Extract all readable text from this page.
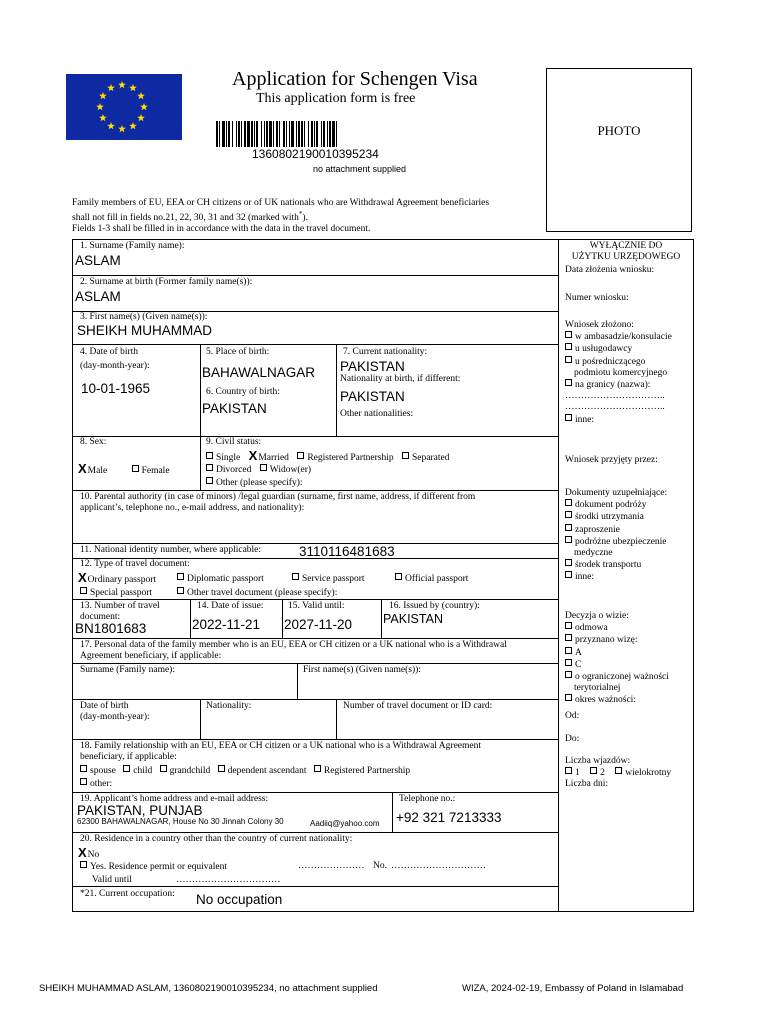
Application for Schengen Visa
This application form is free
1360802190010395234
no attachment supplied
PHOTO
Family members of EU, EEA or CH citizens or of UK nationals who are Withdrawal Agreement beneficiaries
shall not fill in fields no.21, 22, 30, 31 and 32 (marked with*).
Fields 1-3 shall be filled in in accordance with the data in the travel document.
1. Surname (Family name):
ASLAM
2. Surname at birth (Former family name(s)):
ASLAM
3. First name(s) (Given name(s)):
SHEIKH MUHAMMAD
4. Date of birth
(day-month-year):
10-01-1965
5. Place of birth:
BAHAWALNAGAR
6. Country of birth:
PAKISTAN
7. Current nationality:
PAKISTAN
Nationality at birth, if different:
PAKISTAN
Other nationalities:
8. Sex:
XMale	Female
9. Civil status:
Single XMarried Registered Partnership Separated
Divorced Widow(er)
Other (please specify):
10. Parental authority (in case of minors) /legal guardian (surname, first name, address, if different from
applicant’s, telephone no., e-mail address, and nationality):
11. National identity number, where applicable:	3110116481683
12. Type of travel document:
XOrdinary passport	Diplomatic passport	Service passport	Official passport
Special passport	Other travel document (please specify):
13. Number of travel
document:
BN1801683
14. Date of issue:
2022-11-21
15. Valid until:
2027-11-20
16. Issued by (country):
PAKISTAN
17. Personal data of the family member who is an EU, EEA or CH citizen or a UK national who is a Withdrawal
Agreement beneficiary, if applicable:
Surname (Family name):	First name(s) (Given name(s)):
Date of birth
(day-month-year):
Nationality:	Number of travel document or ID card:
18. Family relationship with an EU, EEA or CH citizen or a UK national who is a Withdrawal Agreement
beneficiary, if applicable:
spouse child grandchild dependent ascendant Registered Partnership
other:
19. Applicant’s home address and e-mail address:
PAKISTAN, PUNJAB
62300 BAHAWALNAGAR, House No 30 Jinnah Colony 30	Aadiiq@yahoo.com
Telephone no.:
+92 321 7213333
20. Residence in a country other than the country of current nationality:
XNo
Yes. Residence permit or equivalent	………………… No. …………………………
Valid until	……………………………
*21. Current occupation: No occupation
WYŁĄCZNIE DO
UŻYTKU URZĘDOWEGO
Data złożenia wniosku:
Numer wniosku:
Wniosek złożono:
w ambasadzie/konsulacie
u usługodawcy
u pośredniczącego
podmiotu komercyjnego
na granicy (nazwa):
…………………………..
…………………………..
inne:
Wniosek przyjęty przez:
Dokumenty uzupełniające:
dokument podróży
środki utrzymania
zaproszenie
podróżne ubezpieczenie
medyczne
środek transportu
inne:
Decyzja o wizie:
odmowa
przyznano wizę:
A
C
o ograniczonej ważności
terytorialnej
okres ważności:
Od:
Do:
Liczba wjazdów:
1 2 wielokrotny
Liczba dni:
SHEIKH MUHAMMAD ASLAM, 1360802190010395234, no attachment supplied	WIZA, 2024-02-19, Embassy of Poland in Islamabad
